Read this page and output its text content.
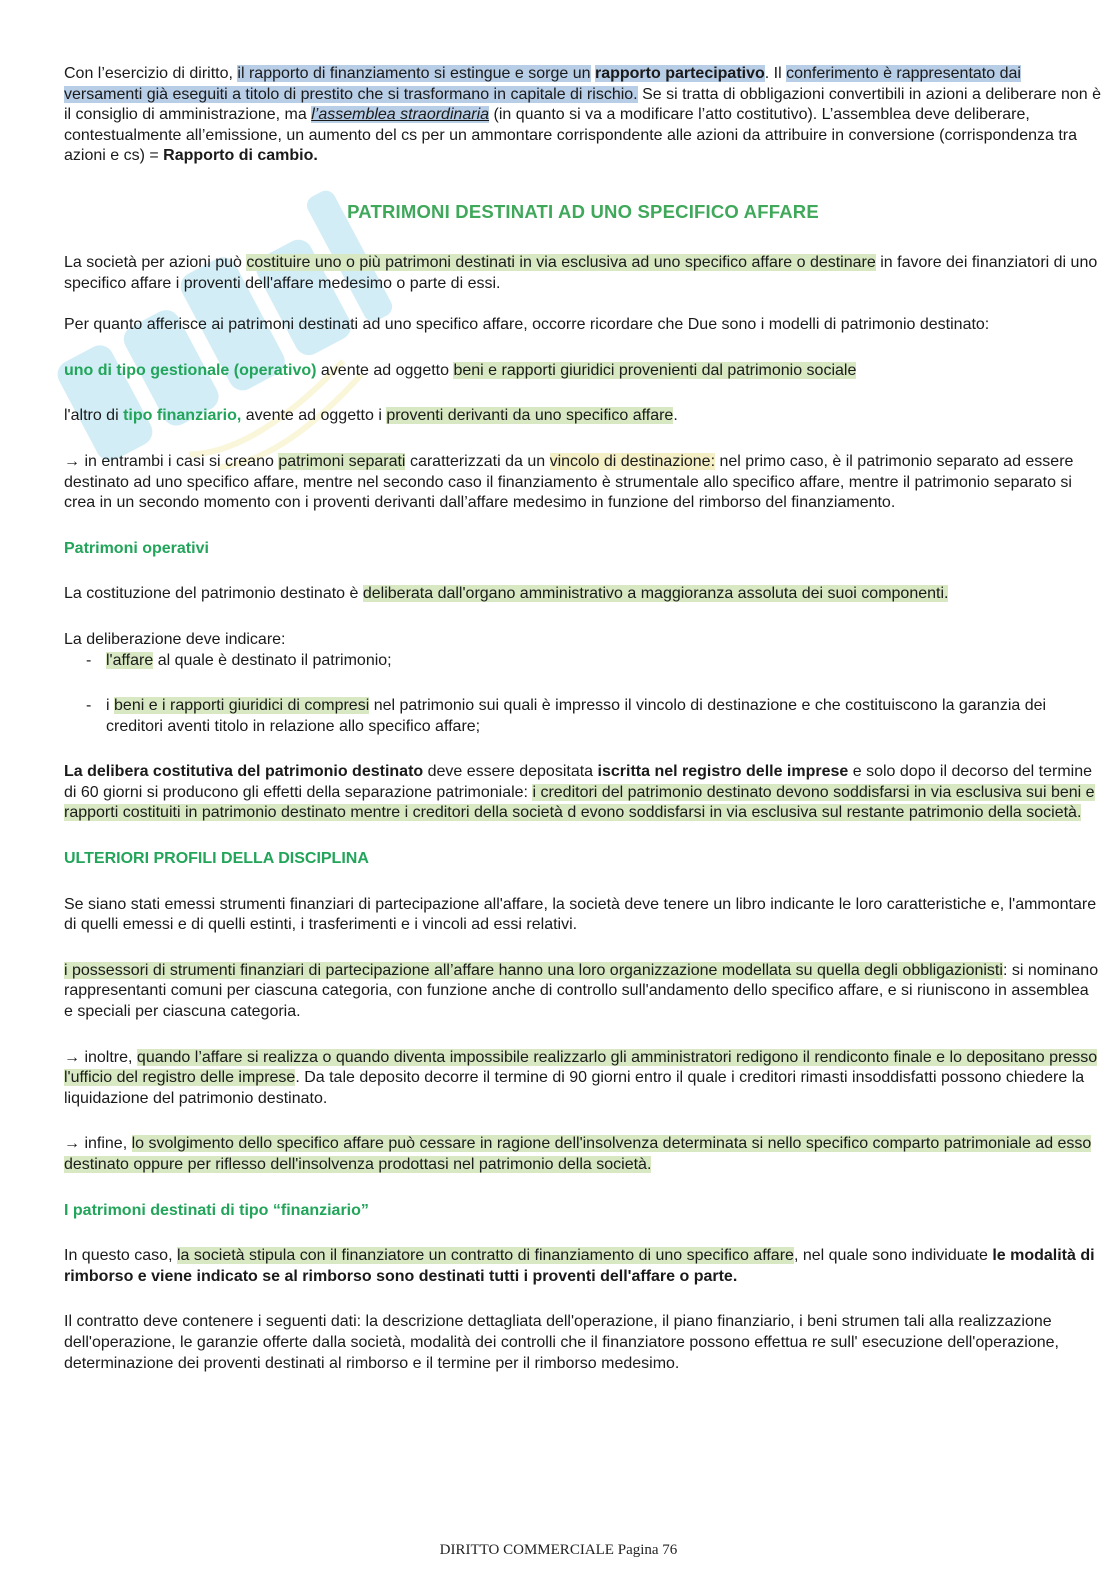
Con l’esercizio di diritto, il rapporto di finanziamento si estingue e sorge un rapporto partecipativo. Il conferimento è rappresentato dai versamenti già eseguiti a titolo di prestito che si trasformano in capitale di rischio. Se si tratta di obbligazioni convertibili in azioni a deliberare non è il consiglio di amministrazione, ma l’assemblea straordinaria (in quanto si va a modificare l’atto costitutivo). L’assemblea deve deliberare, contestualmente all’emissione, un aumento del cs per un ammontare corrispondente alle azioni da attribuire in conversione (corrispondenza tra azioni e cs) = Rapporto di cambio.

PATRIMONI DESTINATI AD UNO SPECIFICO AFFARE

La società per azioni può costituire uno o più patrimoni destinati in via esclusiva ad uno specifico affare o destinare in favore dei finanziatori di uno specifico affare i proventi dell'affare medesimo o parte di essi.

Per quanto afferisce ai patrimoni destinati ad uno specifico affare, occorre ricordare che Due sono i modelli di patrimonio destinato:

uno di tipo gestionale (operativo) avente ad oggetto beni e rapporti giuridici provenienti dal patrimonio sociale

l'altro di tipo finanziario, avente ad oggetto i proventi derivanti da uno specifico affare.

→ in entrambi i casi si creano patrimoni separati caratterizzati da un vincolo di destinazione: nel primo caso, è il patrimonio separato ad essere destinato ad uno specifico affare, mentre nel secondo caso il finanziamento è strumentale allo specifico affare, mentre il patrimonio separato si crea in un secondo momento con i proventi derivanti dall’affare medesimo in funzione del rimborso del finanziamento.

Patrimoni operativi

La costituzione del patrimonio destinato è deliberata dall'organo amministrativo a maggioranza assoluta dei suoi componenti.

La deliberazione deve indicare:

- l'affare al quale è destinato il patrimonio;
- i beni e i rapporti giuridici di compresi nel patrimonio sui quali è impresso il vincolo di destinazione e che costituiscono la garanzia dei creditori aventi titolo in relazione allo specifico affare;

La delibera costitutiva del patrimonio destinato deve essere depositata iscritta nel registro delle imprese e solo dopo il decorso del termine di 60 giorni si producono gli effetti della separazione patrimoniale: i creditori del patrimonio destinato devono soddisfarsi in via esclusiva sui beni e rapporti costituiti in patrimonio destinato mentre i creditori della società d evono soddisfarsi in via esclusiva sul restante patrimonio della società.

ULTERIORI PROFILI DELLA DISCIPLINA

Se siano stati emessi strumenti finanziari di partecipazione all'affare, la società deve tenere un libro indicante le loro caratteristiche e, l'ammontare di quelli emessi e di quelli estinti, i trasferimenti e i vincoli ad essi relativi.

i possessori di strumenti finanziari di partecipazione all’affare hanno una loro organizzazione modellata su quella degli obbligazionisti: si nominano rappresentanti comuni per ciascuna categoria, con funzione anche di controllo sull'andamento dello specifico affare, e si riuniscono in assemblea e speciali per ciascuna categoria.

→ inoltre, quando l’affare si realizza o quando diventa impossibile realizzarlo gli amministratori redigono il rendiconto finale e lo depositano presso l'ufficio del registro delle imprese. Da tale deposito decorre il termine di 90 giorni entro il quale i creditori rimasti insoddisfatti possono chiedere la liquidazione del patrimonio destinato.

→ infine, lo svolgimento dello specifico affare può cessare in ragione dell'insolvenza determinata si nello specifico comparto patrimoniale ad esso destinato oppure per riflesso dell'insolvenza prodottasi nel patrimonio della società.

I patrimoni destinati di tipo “finanziario”

In questo caso, la società stipula con il finanziatore un contratto di finanziamento di uno specifico affare, nel quale sono individuate le modalità di rimborso e viene indicato se al rimborso sono destinati tutti i proventi dell'affare o parte.

Il contratto deve contenere i seguenti dati: la descrizione dettagliata dell'operazione, il piano finanziario, i beni strumen tali alla realizzazione dell'operazione, le garanzie offerte dalla società, modalità dei controlli che il finanziatore possono effettua re sull' esecuzione dell'operazione, determinazione dei proventi destinati al rimborso e il termine per il rimborso medesimo.

DIRITTO COMMERCIALE Pagina 76
